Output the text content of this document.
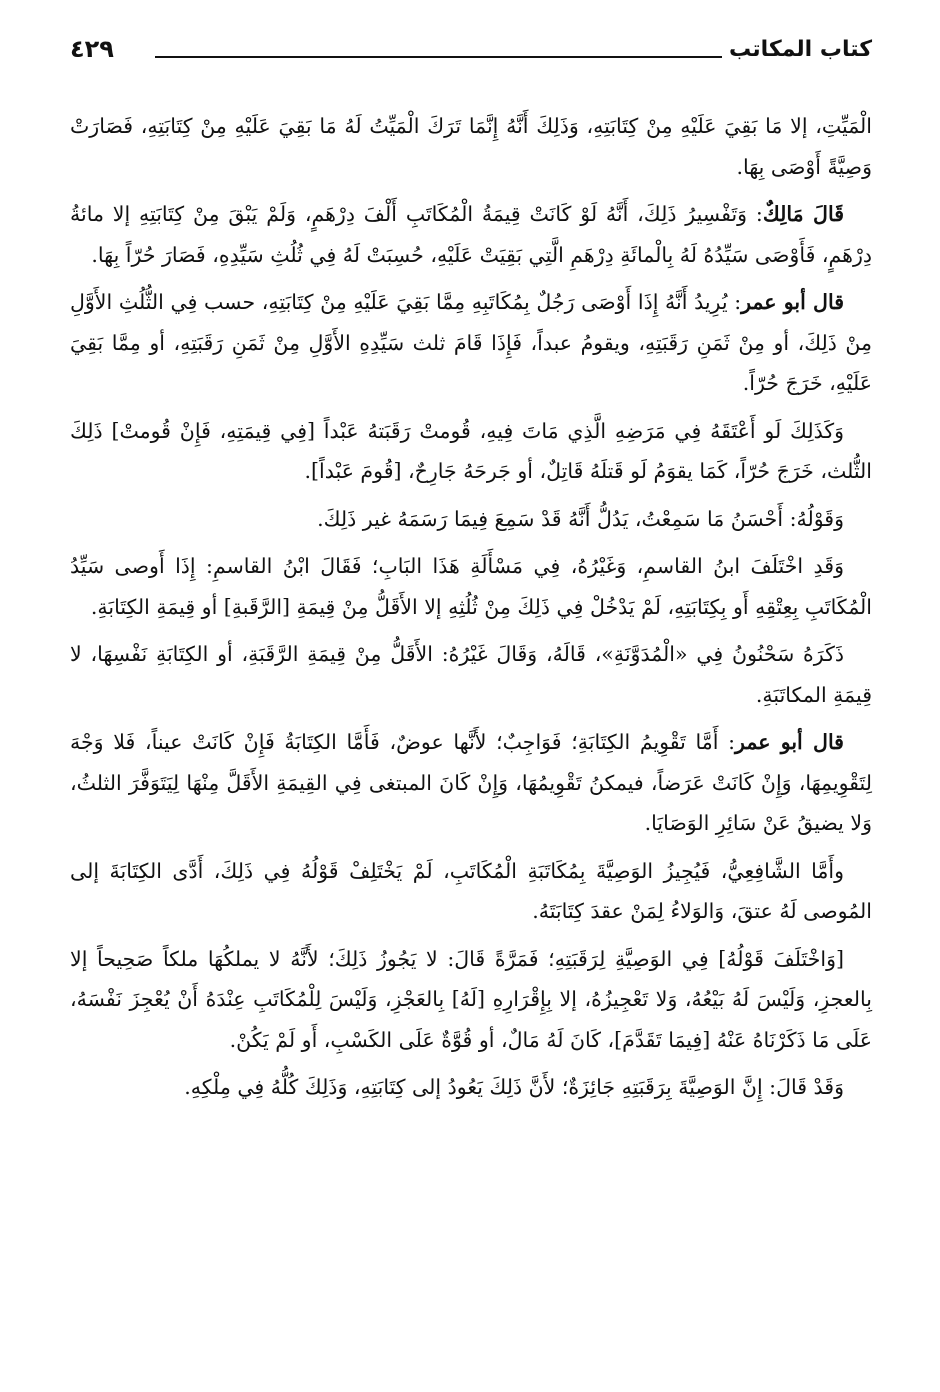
كتاب المكاتب
٤٢٩

الْمَيِّتِ، إلا مَا بَقِيَ عَلَيْهِ مِنْ كِتَابَتِهِ، وَذَلِكَ أَنَّهُ إِنَّمَا تَرَكَ الْمَيِّتُ لَهُ مَا بَقِيَ عَلَيْهِ مِنْ كِتَابَتِهِ، فَصَارَتْ وَصِيَّةً أَوْصَى بِهَا.

قَالَ مَالِكٌ: وَتَفْسِيرُ ذَلِكَ، أَنَّهُ لَوْ كَانَتْ قِيمَةُ الْمُكَاتَبِ أَلْفَ دِرْهَمٍ، وَلَمْ يَبْقَ مِنْ كِتَابَتِهِ إلا مائةُ دِرْهَمٍ، فَأَوْصَى سَيِّدُهُ لَهُ بِالْمائَةِ دِرْهَمِ الَّتِي بَقِيَتْ عَلَيْهِ، حُسِبَتْ لَهُ فِي ثُلُثِ سَيِّدِهِ، فَصَارَ حُرّاً بِهَا.

قال أبو عمر: يُرِيدُ أَنَّهُ إِذَا أَوْصَى رَجُلٌ بِمُكَاتَبِهِ مِمَّا بَقِيَ عَلَيْهِ مِنْ كِتَابَتِهِ، حسب فِي الثُّلُثِ الأَوَّلِ مِنْ ذَلِكَ، أو مِنْ ثَمَنِ رَقَبَتِهِ، ويقومُ عبداً، فَإِذَا قَامَ ثلث سَيِّدِهِ الأَوَّلِ مِنْ ثَمَنِ رَقَبَتِهِ، أو مِمَّا بَقِيَ عَلَيْهِ، خَرَجَ حُرّاً.

وَكَذَلِكَ لَو أَعْتَقَهُ فِي مَرَضِهِ الَّذِي مَاتَ فِيهِ، قُومتْ رَقَبَتهُ عَبْداً [فِي قِيمَتِهِ، فَإِنْ قُومتْ] ذَلِكَ الثُّلث، خَرَجَ حُرّاً، كَمَا يقوَمُ لَو قَتلَهُ قَاتِلٌ، أو جَرحَهُ جَارِحٌ، [قُومَ عَبْداً].

وَقَوْلُهُ: أَحْسَنُ مَا سَمِعْتُ، يَدُلُّ أَنَّهُ قَدْ سَمِعَ فِيمَا رَسَمَهُ غير ذَلِكَ.

وَقَدِ اخْتَلَفَ ابنُ القاسمِ، وَغَيْرُهُ، فِي مَسْأَلَةِ هَذَا البَابِ؛ فَقَالَ ابْنُ القاسمِ: إِذَا أَوصى سَيِّدُ الْمُكَاتَبِ بِعِتْقِهِ أَو بِكِتَابَتِهِ، لَمْ يَدْخُلْ فِي ذَلِكَ مِنْ ثُلُثِهِ إلا الأَقَلُّ مِنْ قِيمَةِ [الرَّقَبةِ] أو قِيمَةِ الكِتَابَةِ.

ذَكَرَهُ سَحْنُونُ فِي «الْمُدَوَّنَةِ»، قَالَهُ، وَقَالَ غَيْرُهُ: الأَقَلُّ مِنْ قِيمَةِ الرَّقَبَةِ، أو الكِتَابَةِ نَفْسِهَا، لا قِيمَةِ المكاتَبَةِ.

قال أبو عمر: أَمَّا تَقْوِيمُ الكِتَابَةِ؛ فَوَاجِبٌ؛ لأَنَّها عوضٌ، فَأَمَّا الكِتَابَةُ فَإِنْ كَانَتْ عيناً، فَلا وَجْهَ لِتَقْوِيمِهَا، وَإِنْ كَانَتْ عَرَضاً، فيمكنُ تَقْوِيمُهَا، وَإِنْ كَانَ المبتغى فِي القِيمَةِ الأَقَلَّ مِنْهَا لِيَتَوَفَّرَ الثلثُ، وَلا يضيقُ عَنْ سَائِرِ الوَصَايَا.

وأَمَّا الشَّافِعِيُّ، فَيُجِيزُ الوَصِيَّةَ بِمُكَاتَبَةِ الْمُكَاتَبِ، لَمْ يَخْتَلِفْ قَوْلُهُ فِي ذَلِكَ، أَدَّى الكِتَابَةَ إلى المُوصى لَهُ عتقَ، وَالوَلاءُ لِمَنْ عقدَ كِتَابَتَهُ.

[وَاخْتَلَفَ قَوْلُهُ] فِي الوَصِيَّةِ لِرَقَبَتِهِ؛ فَمَرَّةً قَالَ: لا يَجُوزُ ذَلِكَ؛ لأَنَّهُ لا يملكُهَا ملكاً صَحِيحاً إلا بِالعجزِ، وَلَيْسَ لَهُ بَيْعُهُ، وَلا تَعْجِيزُهُ، إلا بِإِقْرَارِهِ [لَهُ] بِالعَجْزِ، وَلَيْسَ لِلْمُكَاتَبِ عِنْدَهُ أَنْ يُعْجِزَ نَفْسَهُ، عَلَى مَا ذَكَرْنَاهُ عَنْهُ [فِيمَا تَقَدَّمَ]، كَانَ لَهُ مَالٌ، أو قُوَّةٌ عَلَى الكَسْبِ، أَو لَمْ يَكُنْ.

وَقَدْ قَالَ: إِنَّ الوَصِيَّةَ بِرَقَبَتِهِ جَائِزَةٌ؛ لأَنَّ ذَلِكَ يَعُودُ إلى كِتَابَتِهِ، وَذَلِكَ كُلُّهُ فِي مِلْكِهِ.
